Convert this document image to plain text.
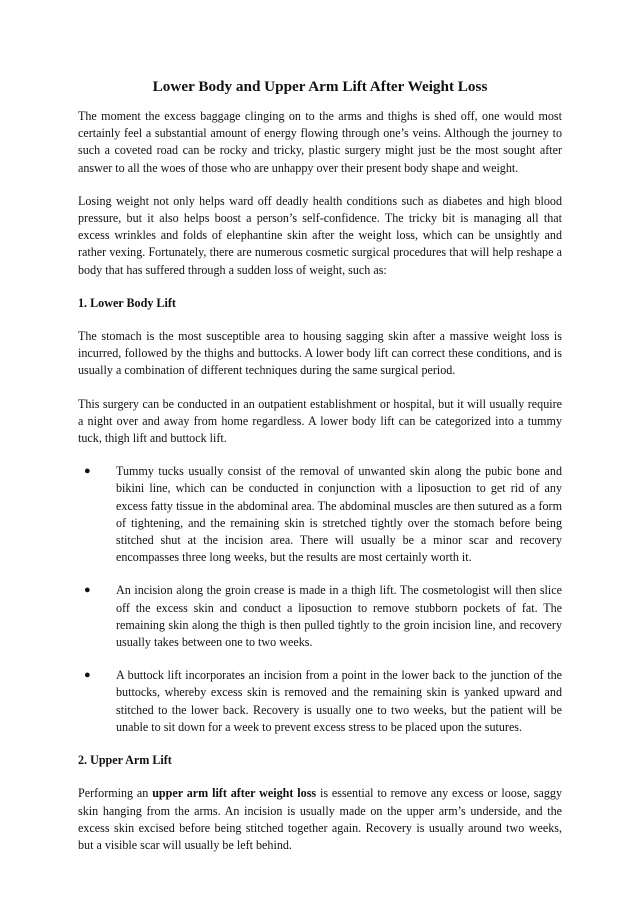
Lower Body and Upper Arm Lift After Weight Loss

The moment the excess baggage clinging on to the arms and thighs is shed off, one would most certainly feel a substantial amount of energy flowing through one’s veins. Although the journey to such a coveted road can be rocky and tricky, plastic surgery might just be the most sought after answer to all the woes of those who are unhappy over their present body shape and weight.

Losing weight not only helps ward off deadly health conditions such as diabetes and high blood pressure, but it also helps boost a person’s self-confidence. The tricky bit is managing all that excess wrinkles and folds of elephantine skin after the weight loss, which can be unsightly and rather vexing. Fortunately, there are numerous cosmetic surgical procedures that will help reshape a body that has suffered through a sudden loss of weight, such as:

1. Lower Body Lift

The stomach is the most susceptible area to housing sagging skin after a massive weight loss is incurred, followed by the thighs and buttocks. A lower body lift can correct these conditions, and is usually a combination of different techniques during the same surgical period.

This surgery can be conducted in an outpatient establishment or hospital, but it will usually require a night over and away from home regardless. A lower body lift can be categorized into a tummy tuck, thigh lift and buttock lift.

● Tummy tucks usually consist of the removal of unwanted skin along the pubic bone and bikini line, which can be conducted in conjunction with a liposuction to get rid of any excess fatty tissue in the abdominal area. The abdominal muscles are then sutured as a form of tightening, and the remaining skin is stretched tightly over the stomach before being stitched shut at the incision area. There will usually be a minor scar and recovery encompasses three long weeks, but the results are most certainly worth it.
● An incision along the groin crease is made in a thigh lift. The cosmetologist will then slice off the excess skin and conduct a liposuction to remove stubborn pockets of fat. The remaining skin along the thigh is then pulled tightly to the groin incision line, and recovery usually takes between one to two weeks.
● A buttock lift incorporates an incision from a point in the lower back to the junction of the buttocks, whereby excess skin is removed and the remaining skin is yanked upward and stitched to the lower back. Recovery is usually one to two weeks, but the patient will be unable to sit down for a week to prevent excess stress to be placed upon the sutures.
2. Upper Arm Lift

Performing an upper arm lift after weight loss is essential to remove any excess or loose, saggy skin hanging from the arms. An incision is usually made on the upper arm’s underside, and the excess skin excised before being stitched together again. Recovery is usually around two weeks, but a visible scar will usually be left behind.
